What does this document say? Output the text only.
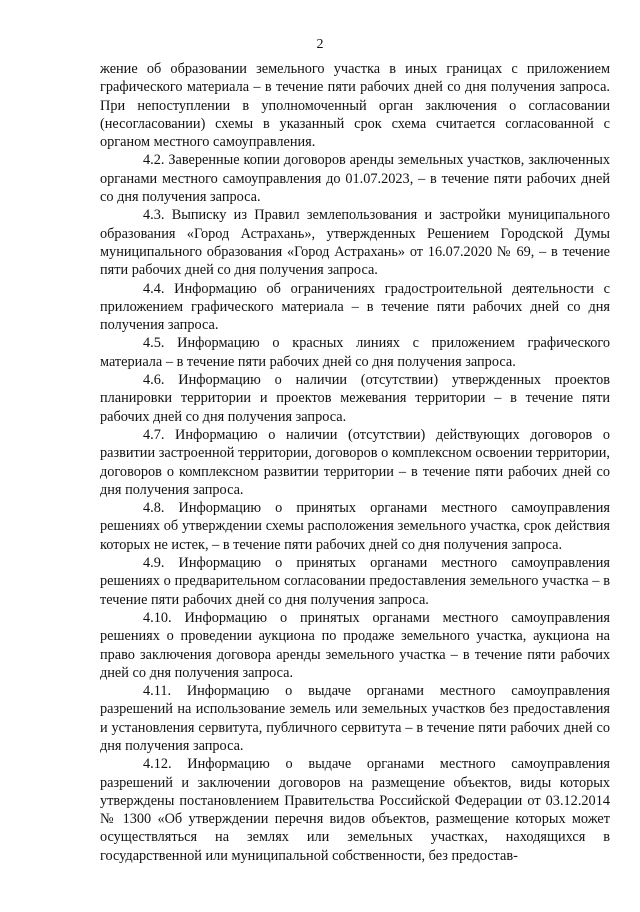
2

жение об образовании земельного участка в иных границах с приложением графического материала – в течение пяти рабочих дней со дня получения запроса. При непоступлении в уполномоченный орган заключения о согласовании (несогласовании) схемы в указанный срок схема считается согласованной с органом местного самоуправления.

4.2. Заверенные копии договоров аренды земельных участков, заключенных органами местного самоуправления до 01.07.2023, – в течение пяти рабочих дней со дня получения запроса.

4.3. Выписку из Правил землепользования и застройки муниципального образования «Город Астрахань», утвержденных Решением Городской Думы муниципального образования «Город Астрахань» от 16.07.2020 № 69, – в течение пяти рабочих дней со дня получения запроса.

4.4. Информацию об ограничениях градостроительной деятельности с приложением графического материала – в течение пяти рабочих дней со дня получения запроса.

4.5. Информацию о красных линиях с приложением графического материала – в течение пяти рабочих дней со дня получения запроса.

4.6. Информацию о наличии (отсутствии) утвержденных проектов планировки территории и проектов межевания территории – в течение пяти рабочих дней со дня получения запроса.

4.7. Информацию о наличии (отсутствии) действующих договоров о развитии застроенной территории, договоров о комплексном освоении территории, договоров о комплексном развитии территории – в течение пяти рабочих дней со дня получения запроса.

4.8. Информацию о принятых органами местного самоуправления решениях об утверждении схемы расположения земельного участка, срок действия которых не истек, – в течение пяти рабочих дней со дня получения запроса.

4.9. Информацию о принятых органами местного самоуправления решениях о предварительном согласовании предоставления земельного участка – в течение пяти рабочих дней со дня получения запроса.

4.10. Информацию о принятых органами местного самоуправления решениях о проведении аукциона по продаже земельного участка, аукциона на право заключения договора аренды земельного участка – в течение пяти рабочих дней со дня получения запроса.

4.11. Информацию о выдаче органами местного самоуправления разрешений на использование земель или земельных участков без предоставления и установления сервитута, публичного сервитута – в течение пяти рабочих дней со дня получения запроса.

4.12. Информацию о выдаче органами местного самоуправления разрешений и заключении договоров на размещение объектов, виды которых утверждены постановлением Правительства Российской Федерации от 03.12.2014 № 1300 «Об утверждении перечня видов объектов, размещение которых может осуществляться на землях или земельных участках, находящихся в государственной или муниципальной собственности, без предостав-
